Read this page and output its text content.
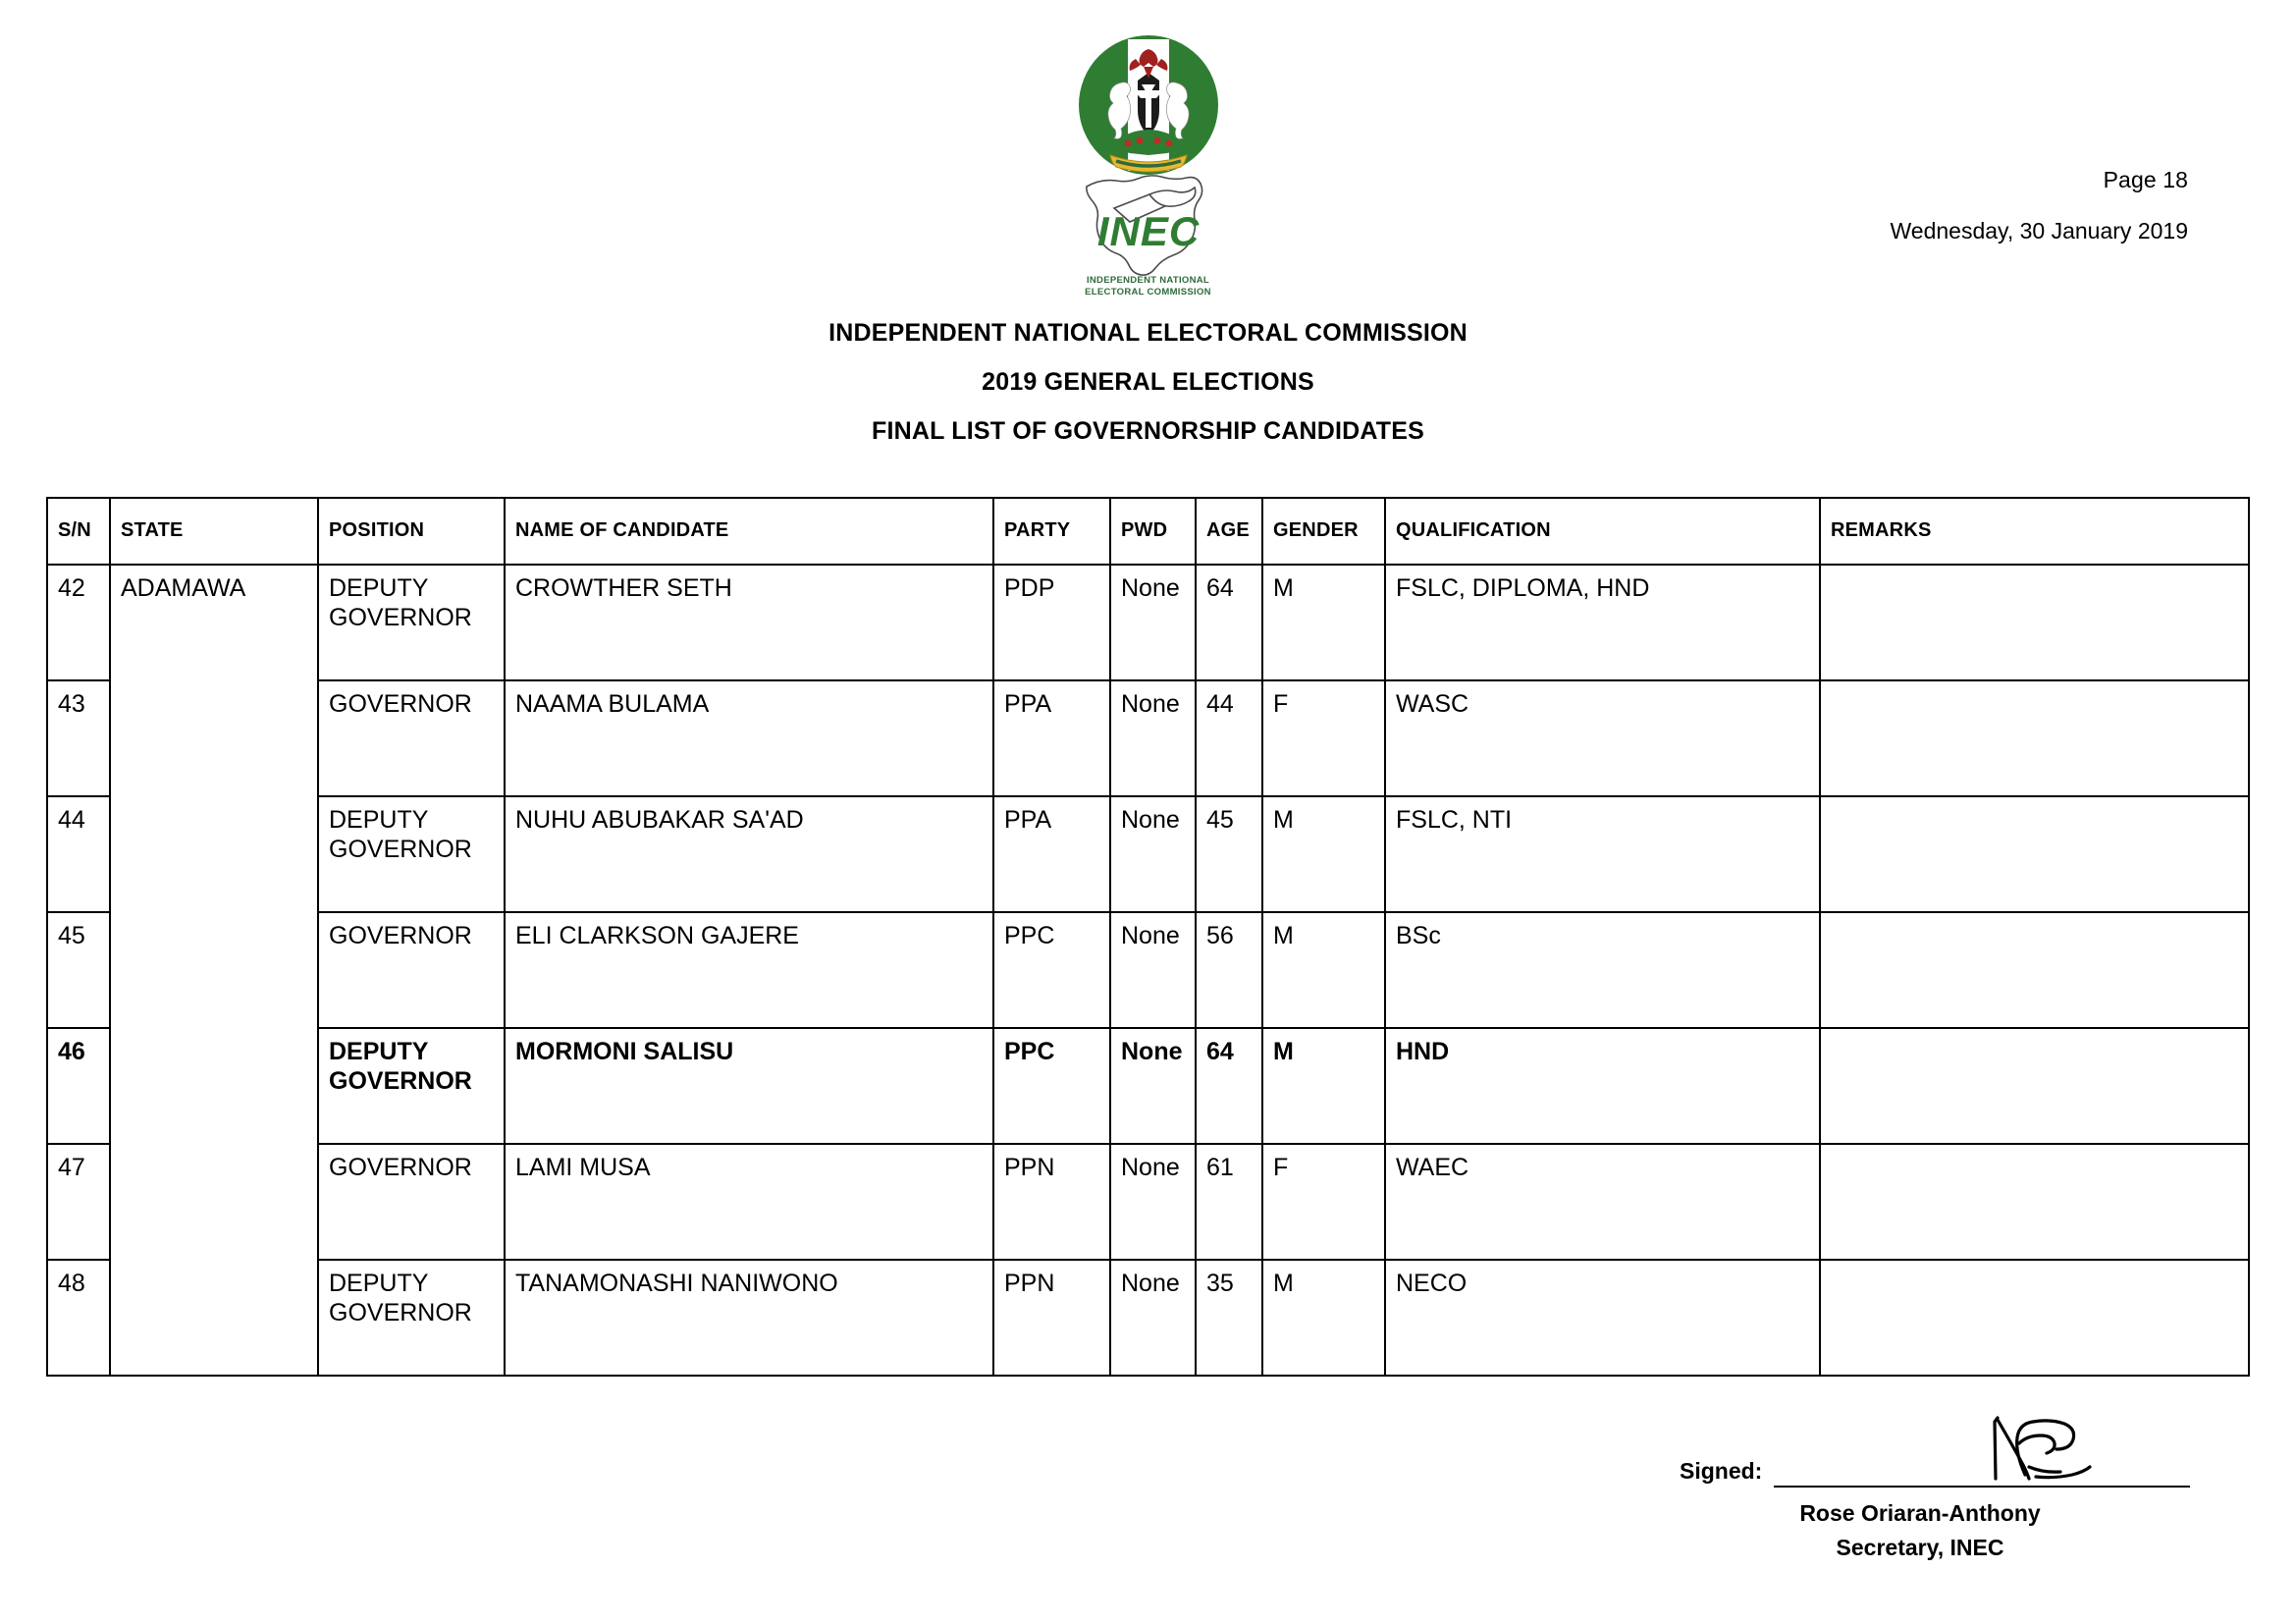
INEC
INDEPENDENT NATIONAL
ELECTORAL COMMISSION
Page 18
Wednesday, 30 January 2019
INDEPENDENT NATIONAL ELECTORAL COMMISSION
2019 GENERAL ELECTIONS
FINAL LIST OF GOVERNORSHIP CANDIDATES
S/N	STATE	POSITION	NAME OF CANDIDATE	PARTY	PWD	AGE	GENDER	QUALIFICATION	REMARKS
42	ADAMAWA	DEPUTY
GOVERNOR	CROWTHER SETH	PDP	None	64	M	FSLC, DIPLOMA, HND	
43		GOVERNOR	NAAMA BULAMA	PPA	None	44	F	WASC	
44		DEPUTY
GOVERNOR	NUHU ABUBAKAR SA'AD	PPA	None	45	M	FSLC, NTI	
45		GOVERNOR	ELI CLARKSON GAJERE	PPC	None	56	M	BSc	
46		DEPUTY
GOVERNOR	MORMONI SALISU	PPC	None	64	M	HND	
47		GOVERNOR	LAMI MUSA	PPN	None	61	F	WAEC	
48		DEPUTY
GOVERNOR	TANAMONASHI NANIWONO	PPN	None	35	M	NECO	
Signed:
Rose Oriaran-Anthony
Secretary, INEC
